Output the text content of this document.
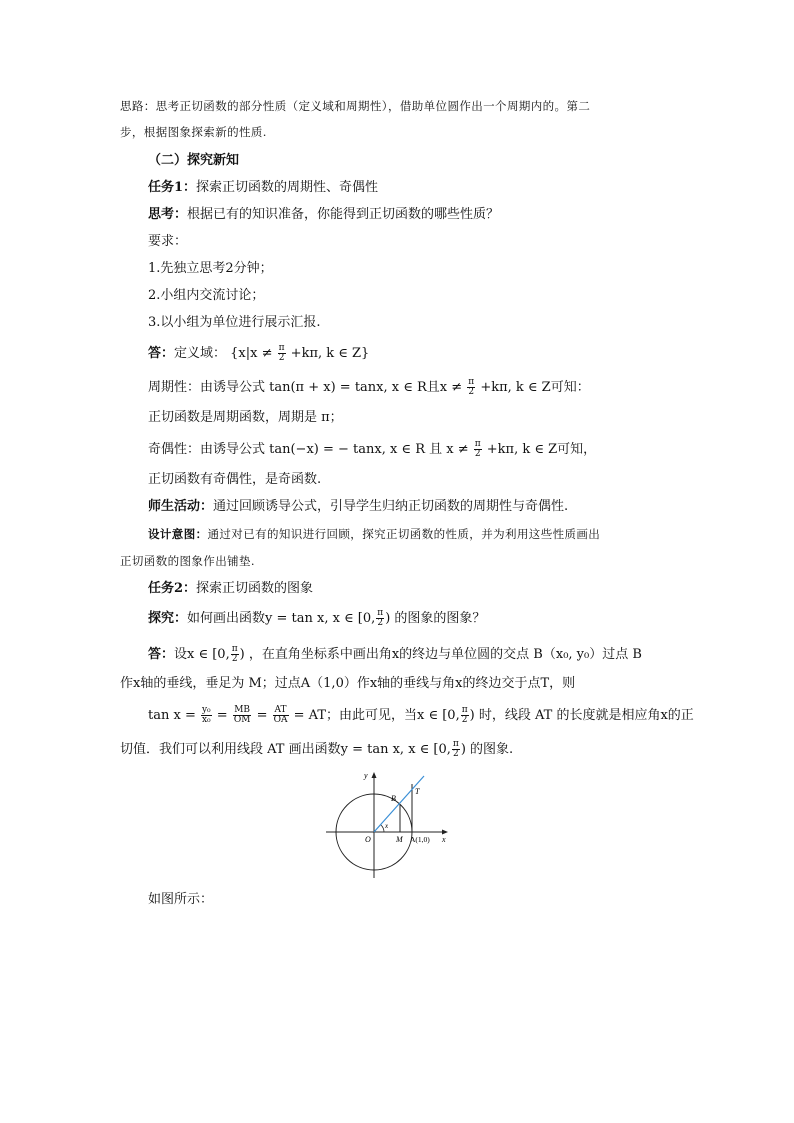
思路：思考正切函数的部分性质（定义域和周期性），借助单位圆作出一个周期内的。第二
步，根据图象探索新的性质.
（二）探究新知
任务1：探索正切函数的周期性、奇偶性
思考：根据已有的知识准备，你能得到正切函数的哪些性质？
要求：
1.先独立思考2分钟；
2.小组内交流讨论；
3.以小组为单位进行展示汇报.
答：定义域： {$x|x \ne \frac{\pi}{2} +k\pi$, k ∈ Z}
周期性：由诱导公式 tan(π + x) = tanx, x ∈ R且$x \ne \frac{\pi}{2} +k\pi$, k ∈ Z可知：
正切函数是周期函数，周期是 π；
奇偶性：由诱导公式 tan(−x) = − tanx, x ∈ R 且 $x \ne \frac{\pi}{2} +k\pi$, k ∈ Z可知，
正切函数有奇偶性，是奇函数.
师生活动：通过回顾诱导公式，引导学生归纳正切函数的周期性与奇偶性.
设计意图：通过对已有的知识进行回顾，探究正切函数的性质，并为利用这些性质画出
正切函数的图象作出铺垫.
任务2：探索正切函数的图象
探究：如何画出函数y = tan x, x ∈ [0, $\frac{\pi}{2}$ ) 的图象的图象？
答：设x ∈ [0, $\frac{\pi}{2}$ ) ，在直角坐标系中画出角x的终边与单位圆的交点 B（x₀, y₀）过点 B
作x轴的垂线，垂足为 M；过点A（1,0）作x轴的垂线与角x的终边交于点T，则
$\tan x = \frac{\text{y₀}}{\text{x₀}} = \frac{MB}{OM} = \frac{AT}{OA}$ = AT；由此可见，当x ∈ [0, $\frac{\pi}{2}$ ) 时，线段 AT 的长度就是相应角x的正
切值．我们可以利用线段 AT 画出函数y = tan x, x ∈ [0, $\frac{\pi}{2}$ ) 的图象.
y
x
O
B
T
M A(1,0)
x
如图所示：
